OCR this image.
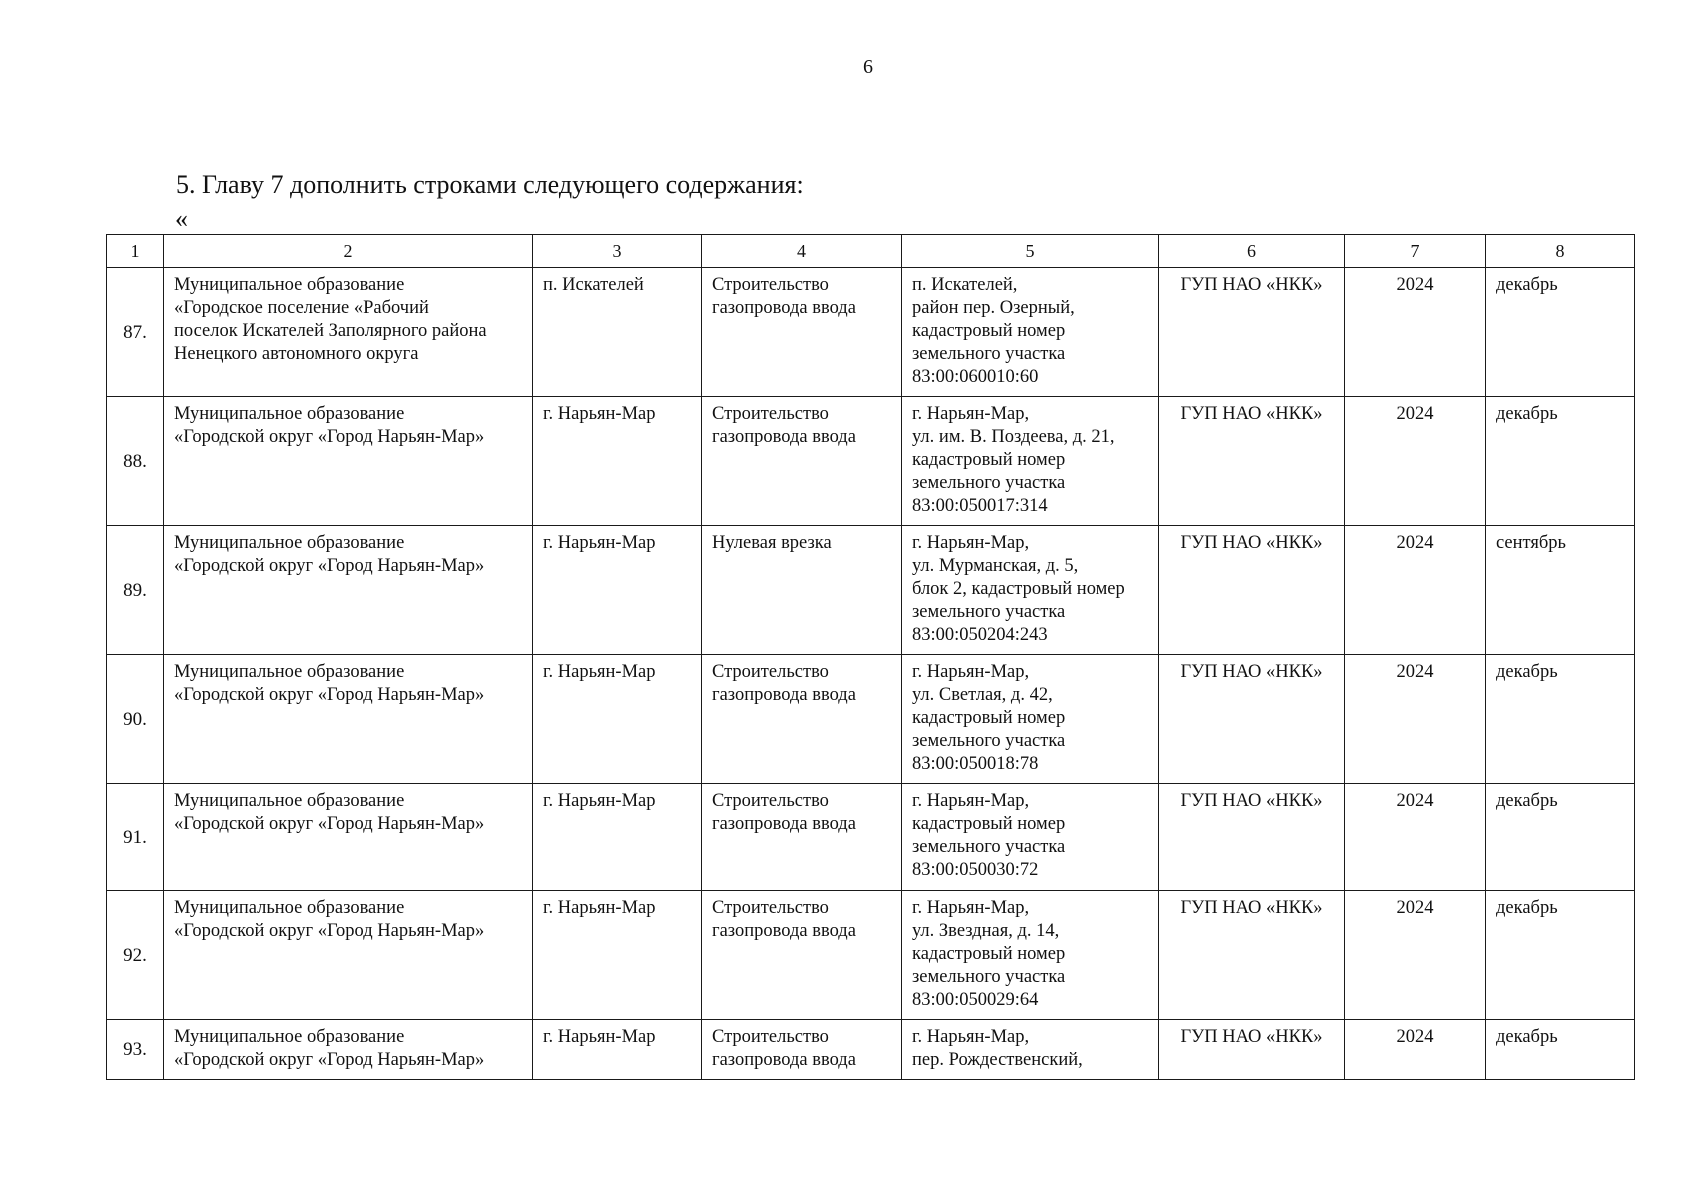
6
5. Главу 7 дополнить строками следующего содержания:
«
1	2	3	4	5	6	7	8
87.	Муниципальное образование
«Городское поселение «Рабочий
поселок Искателей Заполярного района
Ненецкого автономного округа	п. Искателей	Строительство
газопровода ввода	п. Искателей,
район пер. Озерный,
кадастровый номер
земельного участка
83:00:060010:60	ГУП НАО «НКК»	2024	декабрь
88.	Муниципальное образование
«Городской округ «Город Нарьян-Мар»	г. Нарьян-Мар	Строительство
газопровода ввода	г. Нарьян-Мар,
ул. им. В. Поздеева, д. 21,
кадастровый номер
земельного участка
83:00:050017:314	ГУП НАО «НКК»	2024	декабрь
89.	Муниципальное образование
«Городской округ «Город Нарьян-Мар»	г. Нарьян-Мар	Нулевая врезка	г. Нарьян-Мар,
ул. Мурманская, д. 5,
блок 2, кадастровый номер
земельного участка
83:00:050204:243	ГУП НАО «НКК»	2024	сентябрь
90.	Муниципальное образование
«Городской округ «Город Нарьян-Мар»	г. Нарьян-Мар	Строительство
газопровода ввода	г. Нарьян-Мар,
ул. Светлая, д. 42,
кадастровый номер
земельного участка
83:00:050018:78	ГУП НАО «НКК»	2024	декабрь
91.	Муниципальное образование
«Городской округ «Город Нарьян-Мар»	г. Нарьян-Мар	Строительство
газопровода ввода	г. Нарьян-Мар,
кадастровый номер
земельного участка
83:00:050030:72	ГУП НАО «НКК»	2024	декабрь
92.	Муниципальное образование
«Городской округ «Город Нарьян-Мар»	г. Нарьян-Мар	Строительство
газопровода ввода	г. Нарьян-Мар,
ул. Звездная, д. 14,
кадастровый номер
земельного участка
83:00:050029:64	ГУП НАО «НКК»	2024	декабрь
93.	Муниципальное образование
«Городской округ «Город Нарьян-Мар»	г. Нарьян-Мар	Строительство
газопровода ввода	г. Нарьян-Мар,
пер. Рождественский,	ГУП НАО «НКК»	2024	декабрь
